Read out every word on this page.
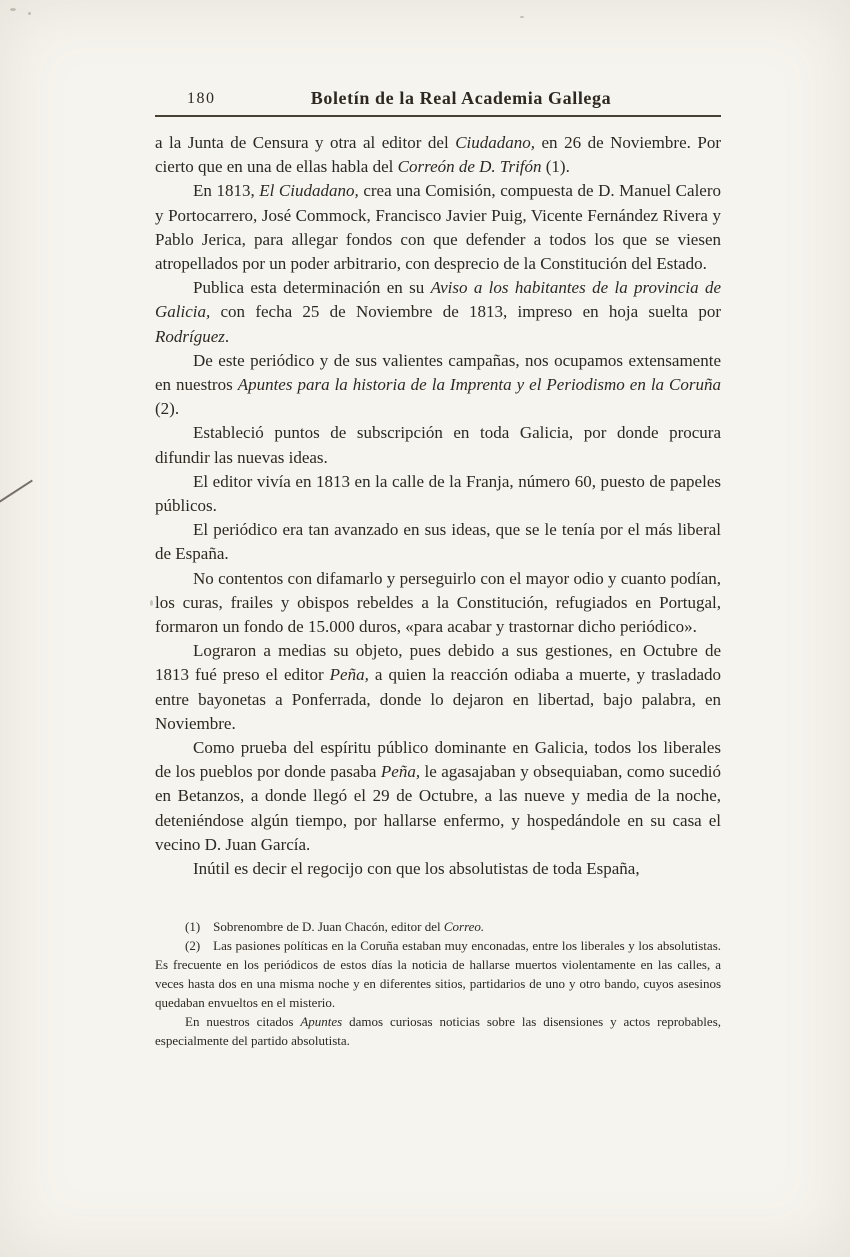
180	Boletín de la Real Academia Gallega

a la Junta de Censura y otra al editor del Ciudadano, en 26 de Noviembre. Por cierto que en una de ellas habla del Correón de D. Trifón (1).

En 1813, El Ciudadano, crea una Comisión, compuesta de D. Manuel Calero y Portocarrero, José Commock, Francisco Javier Puig, Vicente Fernández Rivera y Pablo Jerica, para allegar fondos con que defender a todos los que se viesen atropellados por un poder arbitrario, con desprecio de la Constitución del Estado.

Publica esta determinación en su Aviso a los habitantes de la provincia de Galicia, con fecha 25 de Noviembre de 1813, impreso en hoja suelta por Rodríguez.

De este periódico y de sus valientes campañas, nos ocupamos extensamente en nuestros Apuntes para la historia de la Imprenta y el Periodismo en la Coruña (2).

Estableció puntos de subscripción en toda Galicia, por donde procura difundir las nuevas ideas.

El editor vivía en 1813 en la calle de la Franja, número 60, puesto de papeles públicos.

El periódico era tan avanzado en sus ideas, que se le tenía por el más liberal de España.

No contentos con difamarlo y perseguirlo con el mayor odio y cuanto podían, los curas, frailes y obispos rebeldes a la Constitución, refugiados en Portugal, formaron un fondo de 15.000 duros, «para acabar y trastornar dicho periódico».

Lograron a medias su objeto, pues debido a sus gestiones, en Octubre de 1813 fué preso el editor Peña, a quien la reacción odiaba a muerte, y trasladado entre bayonetas a Ponferrada, donde lo dejaron en libertad, bajo palabra, en Noviembre.

Como prueba del espíritu público dominante en Galicia, todos los liberales de los pueblos por donde pasaba Peña, le agasajaban y obsequiaban, como sucedió en Betanzos, a donde llegó el 29 de Octubre, a las nueve y media de la noche, deteniéndose algún tiempo, por hallarse enfermo, y hospedándole en su casa el vecino D. Juan García.

Inútil es decir el regocijo con que los absolutistas de toda España,

(1)  Sobrenombre de D. Juan Chacón, editor del Correo.

(2)  Las pasiones políticas en la Coruña estaban muy enconadas, entre los liberales y los absolutistas. Es frecuente en los periódicos de estos días la noticia de hallarse muertos violentamente en las calles, a veces hasta dos en una misma noche y en diferentes sitios, partidarios de uno y otro bando, cuyos asesinos quedaban envueltos en el misterio.

En nuestros citados Apuntes damos curiosas noticias sobre las disensiones y actos reprobables, especialmente del partido absolutista.
